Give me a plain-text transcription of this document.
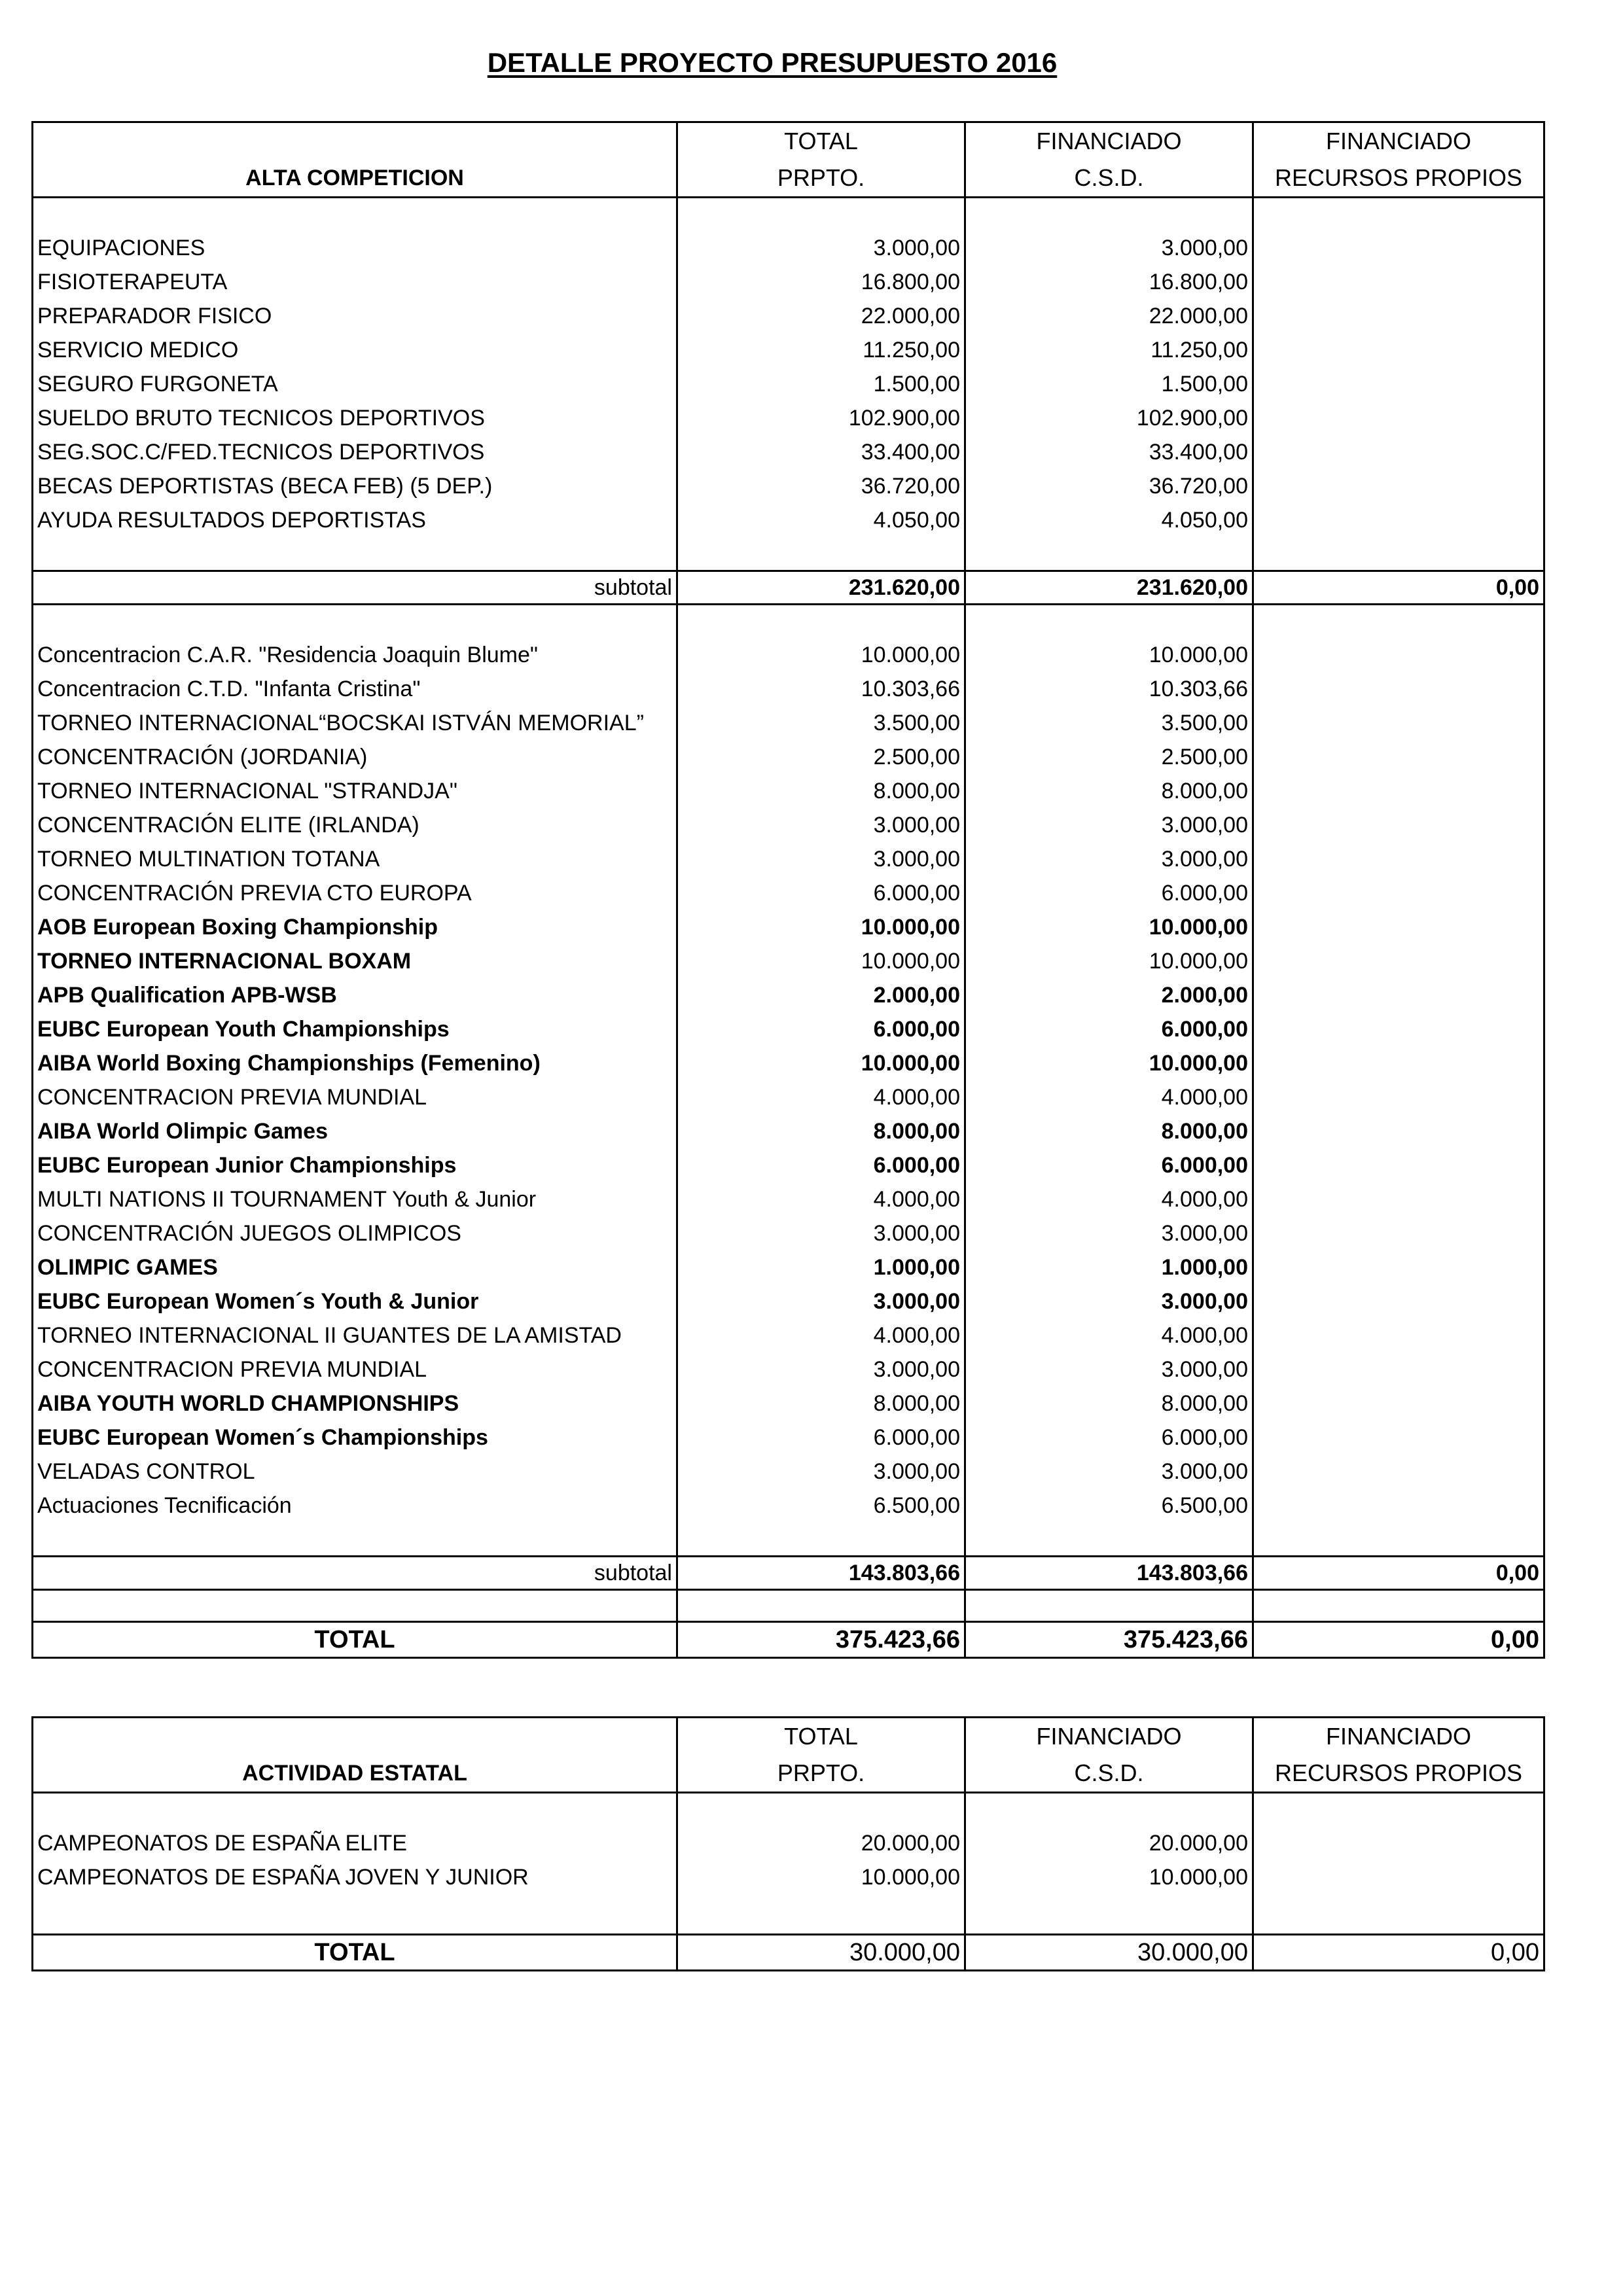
DETALLE PROYECTO PRESUPUESTO 2016
	TOTAL	FINANCIADO	FINANCIADO
ALTA COMPETICION	PRPTO.	C.S.D.	RECURSOS PROPIOS

EQUIPACIONES	3.000,00	3.000,00	
FISIOTERAPEUTA	16.800,00	16.800,00	
PREPARADOR FISICO	22.000,00	22.000,00	
SERVICIO MEDICO	11.250,00	11.250,00	
SEGURO FURGONETA	1.500,00	1.500,00	
SUELDO BRUTO TECNICOS DEPORTIVOS	102.900,00	102.900,00	
SEG.SOC.C/FED.TECNICOS DEPORTIVOS	33.400,00	33.400,00	
BECAS DEPORTISTAS (BECA FEB) (5 DEP.)	36.720,00	36.720,00	
AYUDA RESULTADOS DEPORTISTAS	4.050,00	4.050,00	

subtotal	231.620,00	231.620,00	0,00

Concentracion C.A.R. "Residencia Joaquin Blume"	10.000,00	10.000,00	
Concentracion C.T.D. "Infanta Cristina"	10.303,66	10.303,66	
TORNEO INTERNACIONAL“BOCSKAI ISTVÁN MEMORIAL”	3.500,00	3.500,00	
CONCENTRACIÓN (JORDANIA)	2.500,00	2.500,00	
TORNEO INTERNACIONAL "STRANDJA"	8.000,00	8.000,00	
CONCENTRACIÓN ELITE (IRLANDA)	3.000,00	3.000,00	
TORNEO MULTINATION TOTANA	3.000,00	3.000,00	
CONCENTRACIÓN PREVIA CTO EUROPA	6.000,00	6.000,00	
AOB European Boxing Championship	10.000,00	10.000,00	
TORNEO INTERNACIONAL BOXAM	10.000,00	10.000,00	
APB Qualification APB-WSB	2.000,00	2.000,00	
EUBC European Youth Championships	6.000,00	6.000,00	
AIBA World Boxing Championships (Femenino)	10.000,00	10.000,00	
CONCENTRACION PREVIA MUNDIAL	4.000,00	4.000,00	
AIBA World Olimpic Games	8.000,00	8.000,00	
EUBC European Junior Championships	6.000,00	6.000,00	
MULTI NATIONS II TOURNAMENT Youth & Junior	4.000,00	4.000,00	
CONCENTRACIÓN JUEGOS OLIMPICOS	3.000,00	3.000,00	
OLIMPIC GAMES	1.000,00	1.000,00	
EUBC European Women´s Youth & Junior	3.000,00	3.000,00	
TORNEO INTERNACIONAL II GUANTES DE LA AMISTAD	4.000,00	4.000,00	
CONCENTRACION PREVIA MUNDIAL	3.000,00	3.000,00	
AIBA YOUTH WORLD CHAMPIONSHIPS	8.000,00	8.000,00	
EUBC European Women´s Championships	6.000,00	6.000,00	
VELADAS CONTROL	3.000,00	3.000,00	
Actuaciones Tecnificación	6.500,00	6.500,00	

subtotal	143.803,66	143.803,66	0,00

TOTAL	375.423,66	375.423,66	0,00
	TOTAL	FINANCIADO	FINANCIADO
ACTIVIDAD ESTATAL	PRPTO.	C.S.D.	RECURSOS PROPIOS

CAMPEONATOS DE ESPAÑA ELITE	20.000,00	20.000,00	
CAMPEONATOS DE ESPAÑA JOVEN Y JUNIOR	10.000,00	10.000,00	

TOTAL	30.000,00	30.000,00	0,00
